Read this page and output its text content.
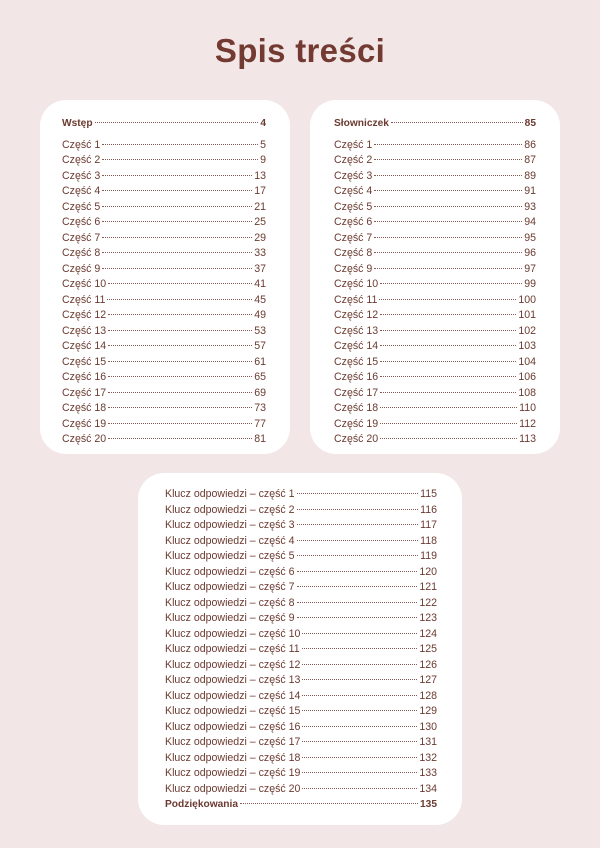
Spis treści
Wstęp	4
Część 1	5
Część 2	9
Część 3	13
Część 4	17
Część 5	21
Część 6	25
Część 7	29
Część 8	33
Część 9	37
Część 10	41
Część 11	45
Część 12	49
Część 13	53
Część 14	57
Część 15	61
Część 16	65
Część 17	69
Część 18	73
Część 19	77
Część 20	81
Słowniczek	85
Część 1	86
Część 2	87
Część 3	89
Część 4	91
Część 5	93
Część 6	94
Część 7	95
Część 8	96
Część 9	97
Część 10	99
Część 11	100
Część 12	101
Część 13	102
Część 14	103
Część 15	104
Część 16	106
Część 17	108
Część 18	110
Część 19	112
Część 20	113
Klucz odpowiedzi – część 1	115
Klucz odpowiedzi – część 2	116
Klucz odpowiedzi – część 3	117
Klucz odpowiedzi – część 4	118
Klucz odpowiedzi – część 5	119
Klucz odpowiedzi – część 6	120
Klucz odpowiedzi – część 7	121
Klucz odpowiedzi – część 8	122
Klucz odpowiedzi – część 9	123
Klucz odpowiedzi – część 10	124
Klucz odpowiedzi – część 11	125
Klucz odpowiedzi – część 12	126
Klucz odpowiedzi – część 13	127
Klucz odpowiedzi – część 14	128
Klucz odpowiedzi – część 15	129
Klucz odpowiedzi – część 16	130
Klucz odpowiedzi – część 17	131
Klucz odpowiedzi – część 18	132
Klucz odpowiedzi – część 19	133
Klucz odpowiedzi – część 20	134
Podziękowania	135
